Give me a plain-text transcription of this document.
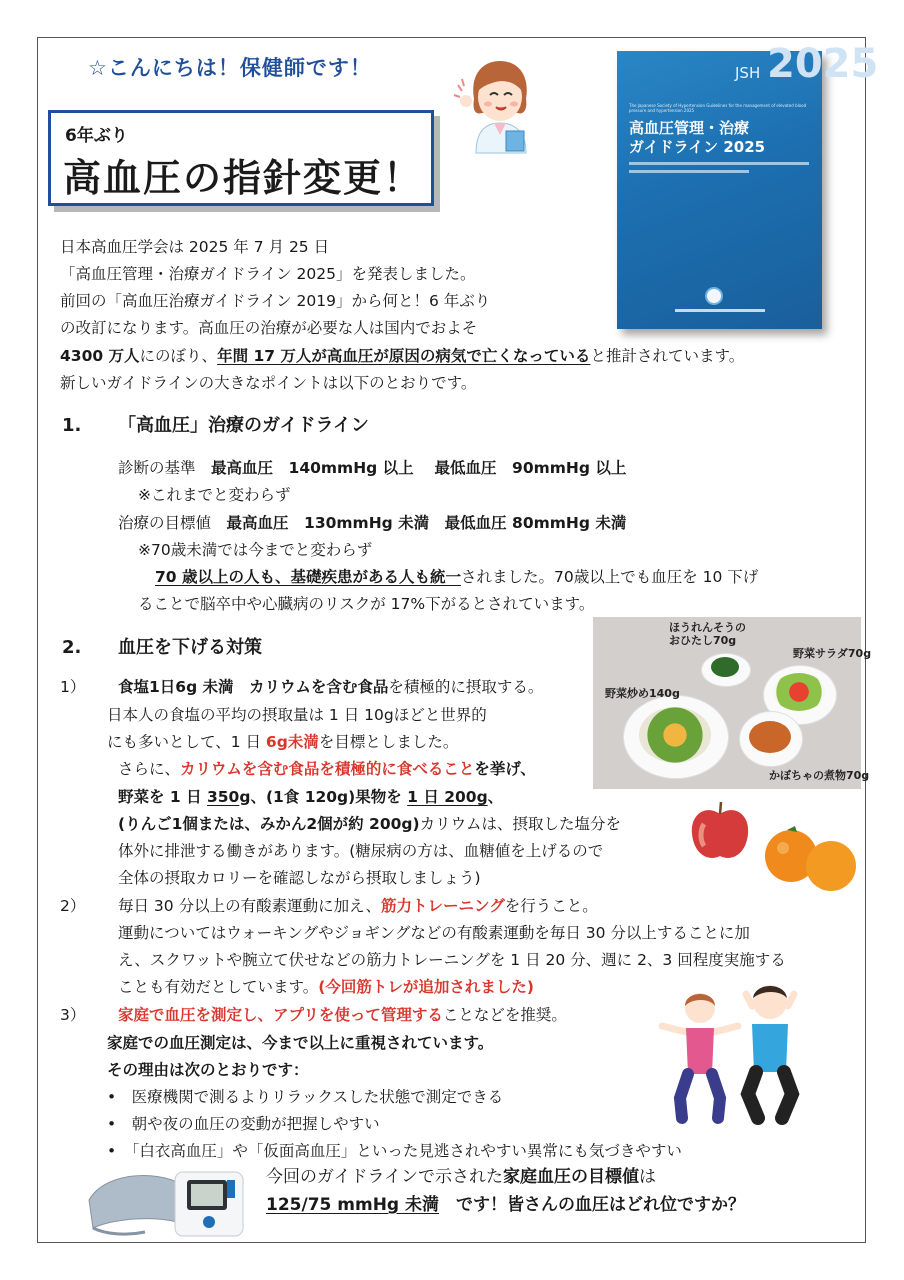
☆こんにちは！保健師です！
6年ぶり
高血圧の指針変更！
JSH 2025
The Japanese Society of Hypertension Guidelines for the management of elevated blood pressure and hypertension 2025
高血圧管理・治療
ガイドライン 2025
日本高血圧学会は 2025 年 7 月 25 日
「高血圧管理・治療ガイドライン 2025」を発表しました。
前回の「高血圧治療ガイドライン 2019」から何と！6 年ぶり
の改訂になります。高血圧の治療が必要な人は国内でおよそ
4300 万人にのぼり、年間 17 万人が高血圧が原因の病気で亡くなっていると推計されています。
新しいガイドラインの大きなポイントは以下のとおりです。
1. 「高血圧」治療のガイドライン
診断の基準　 最高血圧　140mmHg 以上　 最低血圧　90mmHg 以上
※これまでと変わらず
治療の目標値　 最高血圧　130mmHg 未満　最低血圧 80mmHg 未満
※70歳未満では今までと変わらず
70 歳以上の人も、基礎疾患がある人も統一されました。70歳以上でも血圧を 10 下げ
ることで脳卒中や心臓病のリスクが 17%下がるとされています。
2. 血圧を下げる対策
ほうれんそうの
おひたし70g
野菜サラダ70g
野菜炒め140g
かぼちゃの煮物70g
1） 食塩1日6g 未満　カリウムを含む食品を積極的に摂取する。
日本人の食塩の平均の摂取量は 1 日 10gほどと世界的
にも多いとして、1 日 6g未満を目標としました。
さらに、カリウムを含む食品を積極的に食べることを挙げ、
野菜を 1 日 350g、(1食 120g)果物を 1 日 200g、
(りんご1個または、みかん2個が約 200g)カリウムは、摂取した塩分を
体外に排泄する働きがあります。(糖尿病の方は、血糖値を上げるので
全体の摂取カロリーを確認しながら摂取しましょう)
2） 毎日 30 分以上の有酸素運動に加え、筋力トレーニングを行うこと。
運動についてはウォーキングやジョギングなどの有酸素運動を毎日 30 分以上することに加
え、スクワットや腕立て伏せなどの筋力トレーニングを 1 日 20 分、週に 2、3 回程度実施する
ことも有効だとしています。(今回筋トレが追加されました)
3） 家庭で血圧を測定し、アプリを使って管理することなどを推奨。
家庭での血圧測定は、今まで以上に重視されています。
その理由は次のとおりです：
•　医療機関で測るよりリラックスした状態で測定できる
•　朝や夜の血圧の変動が把握しやすい
•　「白衣高血圧」や「仮面高血圧」といった見逃されやすい異常にも気づきやすい
今回のガイドラインで示された家庭血圧の目標値は
125/75 mmHg 未満　です！皆さんの血圧はどれ位ですか？
